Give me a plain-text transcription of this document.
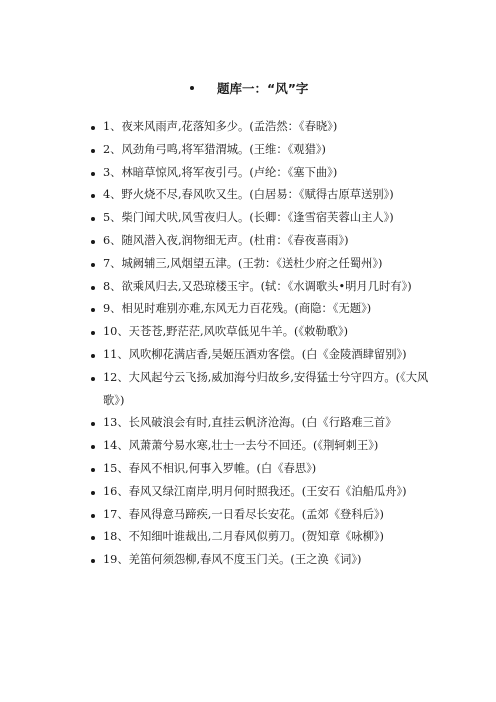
题库一：“风”字
1、夜来风雨声,花落知多少。(孟浩然：《春晓》)
2、风劲角弓鸣,将军猎渭城。(王维：《观猎》)
3、林暗草惊风,将军夜引弓。(卢纶：《塞下曲》)
4、野火烧不尽,春风吹又生。(白居易：《赋得古原草送别》)
5、柴门闻犬吠,风雪夜归人。(长卿：《逢雪宿芙蓉山主人》)
6、随风潜入夜,润物细无声。(杜甫：《春夜喜雨》)
7、城阙辅三,风烟望五津。(王勃：《送杜少府之任蜀州》)
8、欲乘风归去,又恐琼楼玉宇。(轼：《水调歌头•明月几时有》)
9、相见时难别亦难,东风无力百花残。(商隐：《无题》)
10、天苍苍,野茫茫,风吹草低见牛羊。(《敕勒歌》)
11、风吹柳花满店香,吴姬压酒劝客偿。(白《金陵酒肆留别》)
12、大风起兮云飞扬,威加海兮归故乡,安得猛士兮守四方。(《大风歌》)
13、长风破浪会有时,直挂云帆济沧海。(白《行路难三首》
14、风萧萧兮易水寒,壮士一去兮不回还。(《荆轲刺王》)
15、春风不相识,何事入罗帷。(白《春思》)
16、春风又绿江南岸,明月何时照我还。(王安石《泊船瓜舟》)
17、春风得意马蹄疾,一日看尽长安花。(孟郊《登科后》)
18、不知细叶谁裁出,二月春风似剪刀。(贺知章《咏柳》)
19、羌笛何须怨柳,春风不度玉门关。(王之涣《词》)
